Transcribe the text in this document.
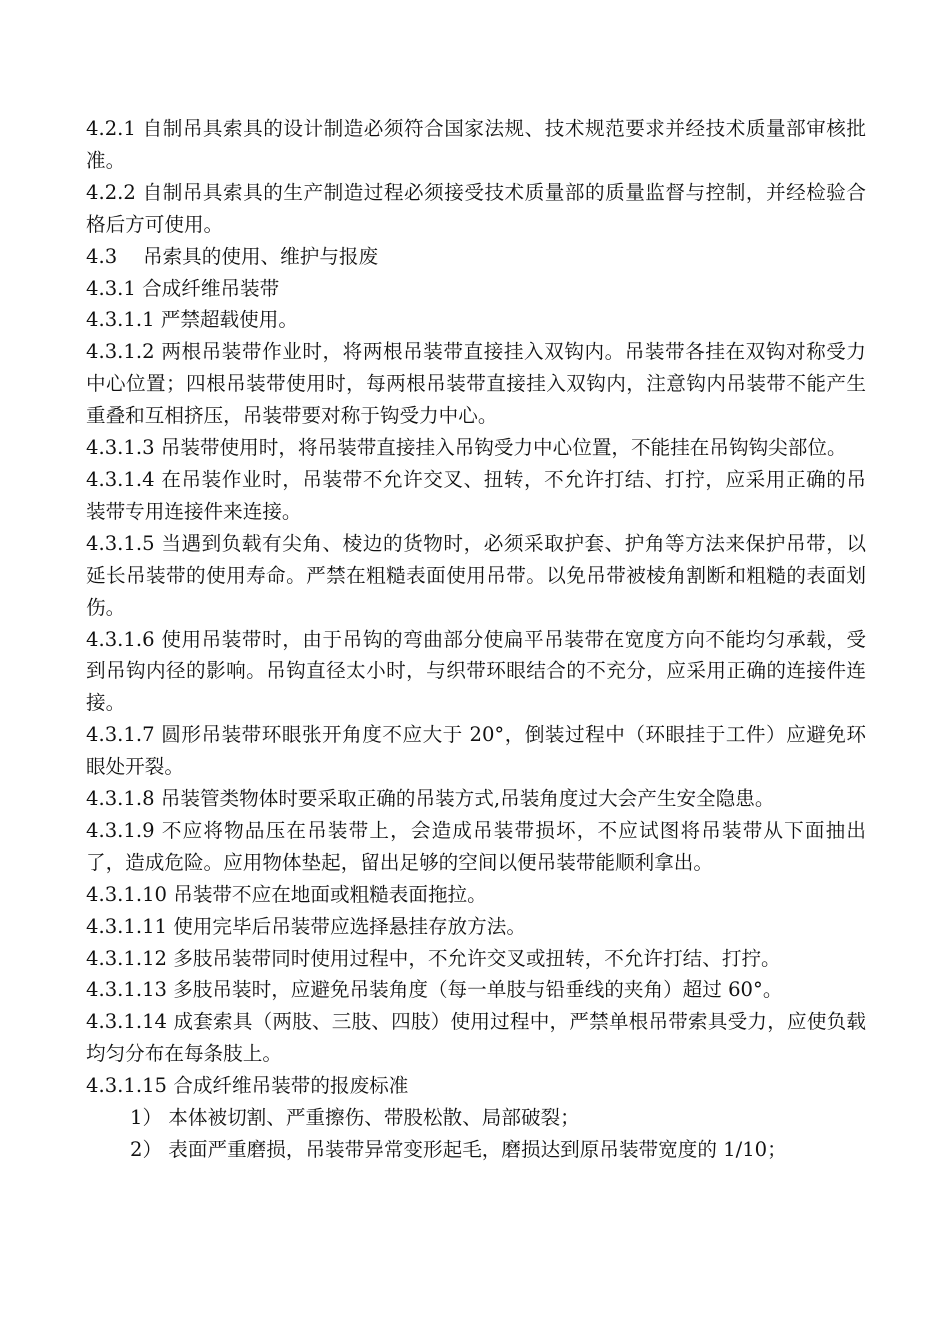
4.2.1 自制吊具索具的设计制造必须符合国家法规、技术规范要求并经技术质量部审核批准。

4.2.2 自制吊具索具的生产制造过程必须接受技术质量部的质量监督与控制，并经检验合格后方可使用。

4.3　 吊索具的使用、维护与报废

4.3.1 合成纤维吊装带

4.3.1.1 严禁超载使用。

4.3.1.2 两根吊装带作业时，将两根吊装带直接挂入双钩内。吊装带各挂在双钩对称受力中心位置；四根吊装带使用时，每两根吊装带直接挂入双钩内，注意钩内吊装带不能产生重叠和互相挤压，吊装带要对称于钩受力中心。

4.3.1.3 吊装带使用时，将吊装带直接挂入吊钩受力中心位置，不能挂在吊钩钩尖部位。

4.3.1.4 在吊装作业时，吊装带不允许交叉、扭转，不允许打结、打拧，应采用正确的吊装带专用连接件来连接。

4.3.1.5 当遇到负载有尖角、棱边的货物时，必须采取护套、护角等方法来保护吊带，以延长吊装带的使用寿命。严禁在粗糙表面使用吊带。以免吊带被棱角割断和粗糙的表面划伤。

4.3.1.6 使用吊装带时，由于吊钩的弯曲部分使扁平吊装带在宽度方向不能均匀承载，受到吊钩内径的影响。吊钩直径太小时，与织带环眼结合的不充分，应采用正确的连接件连接。

4.3.1.7 圆形吊装带环眼张开角度不应大于 20°，倒装过程中（环眼挂于工件）应避免环眼处开裂。

4.3.1.8 吊装管类物体时要采取正确的吊装方式,吊装角度过大会产生安全隐患。

4.3.1.9 不应将物品压在吊装带上，会造成吊装带损坏，不应试图将吊装带从下面抽出了，造成危险。应用物体垫起，留出足够的空间以便吊装带能顺利拿出。

4.3.1.10 吊装带不应在地面或粗糙表面拖拉。

4.3.1.11 使用完毕后吊装带应选择悬挂存放方法。

4.3.1.12 多肢吊装带同时使用过程中，不允许交叉或扭转，不允许打结、打拧。

4.3.1.13 多肢吊装时，应避免吊装角度（每一单肢与铅垂线的夹角）超过 60°。

4.3.1.14 成套索具（两肢、三肢、四肢）使用过程中，严禁单根吊带索具受力，应使负载均匀分布在每条肢上。

4.3.1.15 合成纤维吊装带的报废标准

1） 本体被切割、严重擦伤、带股松散、局部破裂；

2） 表面严重磨损，吊装带异常变形起毛，磨损达到原吊装带宽度的 1/10；
